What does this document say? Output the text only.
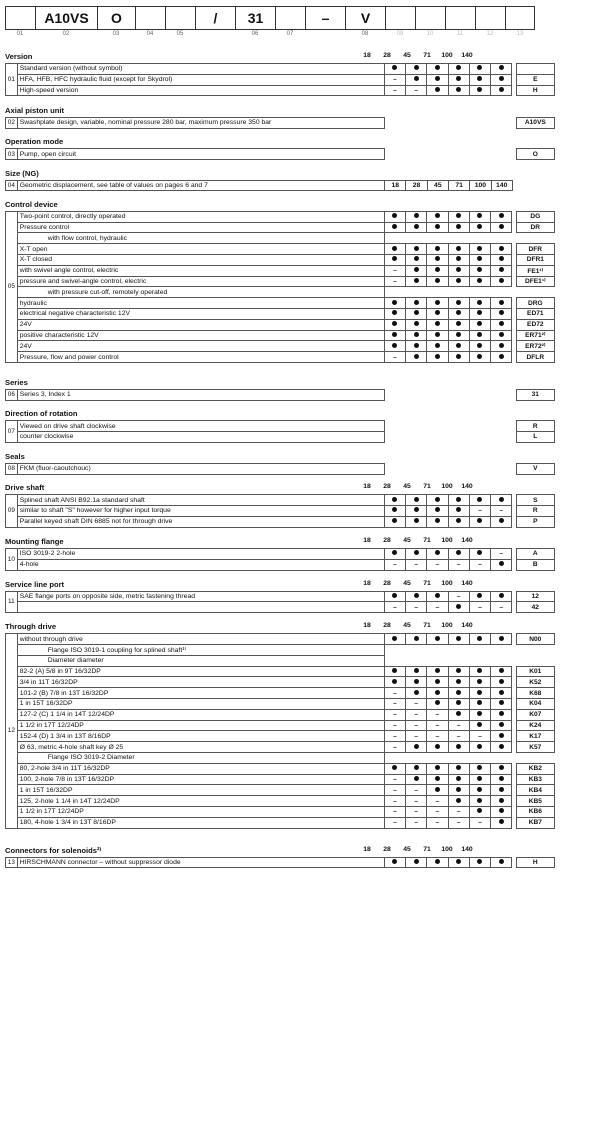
01
A10VS
02
O
03	04	05
/	31
06	07
–	V
08	09	10	11	12	13
Version	18	28	45	71	100	140
01	Standard version (without symbol)								
	HFA, HFB, HFC hydraulic fluid (except for Skydrol)	–							E
	High-speed version	–	–						H
Axial piston unit
02	Swashplate design, variable, nominal pressure 280 bar, maximum pressure 350 bar								A10VS
Operation mode
03	Pump, open circuit								O
Size (NG)
04	Geometric displacement, see table of values on pages 6 and 7	18	28	45	71	100	140		
Control device
05	Two-point control, directly operated								DG
	Pressure control								DR
	with flow control, hydraulic								
	X-T open								DFR
	X-T closed								DFR1
	with swivel angle control, electric	–							FE1¹⁾
	pressure and swivel-angle control, electric	–							DFE1¹⁾
	with pressure cut-off, remotely operated								
	hydraulic								DRG
	electrical negative characteristic 12V								ED71
	24V								ED72
	positive characteristic 12V								ER71²⁾
	24V								ER72²⁾
	Pressure, flow and power control	–							DFLR
Series
06	Series 3, Index 1								31
Direction of rotation
07	Viewed on drive shaft clockwise								R
	counter clockwise								L
Seals
08	FKM (fluor-caoutchouc)								V
Drive shaft	18	28	45	71	100	140
09	Splined shaft ANSI B92.1a standard shaft								S
	similar to shaft "S" however for higher input torque					–	–		R
	Parallel keyed shaft DIN 6885 not for through drive								P
Mounting flange	18	28	45	71	100	140
10	ISO 3019-2 2-hole						–		A
	4-hole	–	–	–	–	–			B
Service line port	18	28	45	71	100	140
11	SAE flange ports on opposite side, metric fastening thread				–				12
		–	–	–		–	–		42
Through drive	18	28	45	71	100	140
12	without through drive								N00
	Flange ISO 3019-1 coupling for splined shaft¹⁾								
	Diameter diameter								
	82-2 (A) 5/8 in 9T 16/32DP								K01
	3/4 in 11T 16/32DP								K52
	101-2 (B) 7/8 in 13T 16/32DP	–							K68
	1 in 15T 16/32DP	–	–						K04
	127-2 (C) 1 1/4 in 14T 12/24DP	–	–	–					K07
	1 1/2 in 17T 12/24DP	–	–	–	–				K24
	152-4 (D) 1 3/4 in 13T 8/16DP	–	–	–	–	–			K17
	Ø 63, metric 4-hole shaft key Ø 25	–							K57
	Flange ISO 3019-2 Diameter								
	80, 2-hole 3/4 in 11T 16/32DP								KB2
	100, 2-hole 7/8 in 13T 16/32DP	–							KB3
	1 in 15T 16/32DP	–	–						KB4
	125, 2-hole 1 1/4 in 14T 12/24DP	–	–	–					KB5
	1 1/2 in 17T 12/24DP	–	–	–	–				KB6
	180, 4-hole 1 3/4 in 13T 8/16DP	–	–	–	–	–			KB7
Connectors for solenoids²⁾	18	28	45	71	100	140
13	HIRSCHMANN connector – without suppressor diode								H
